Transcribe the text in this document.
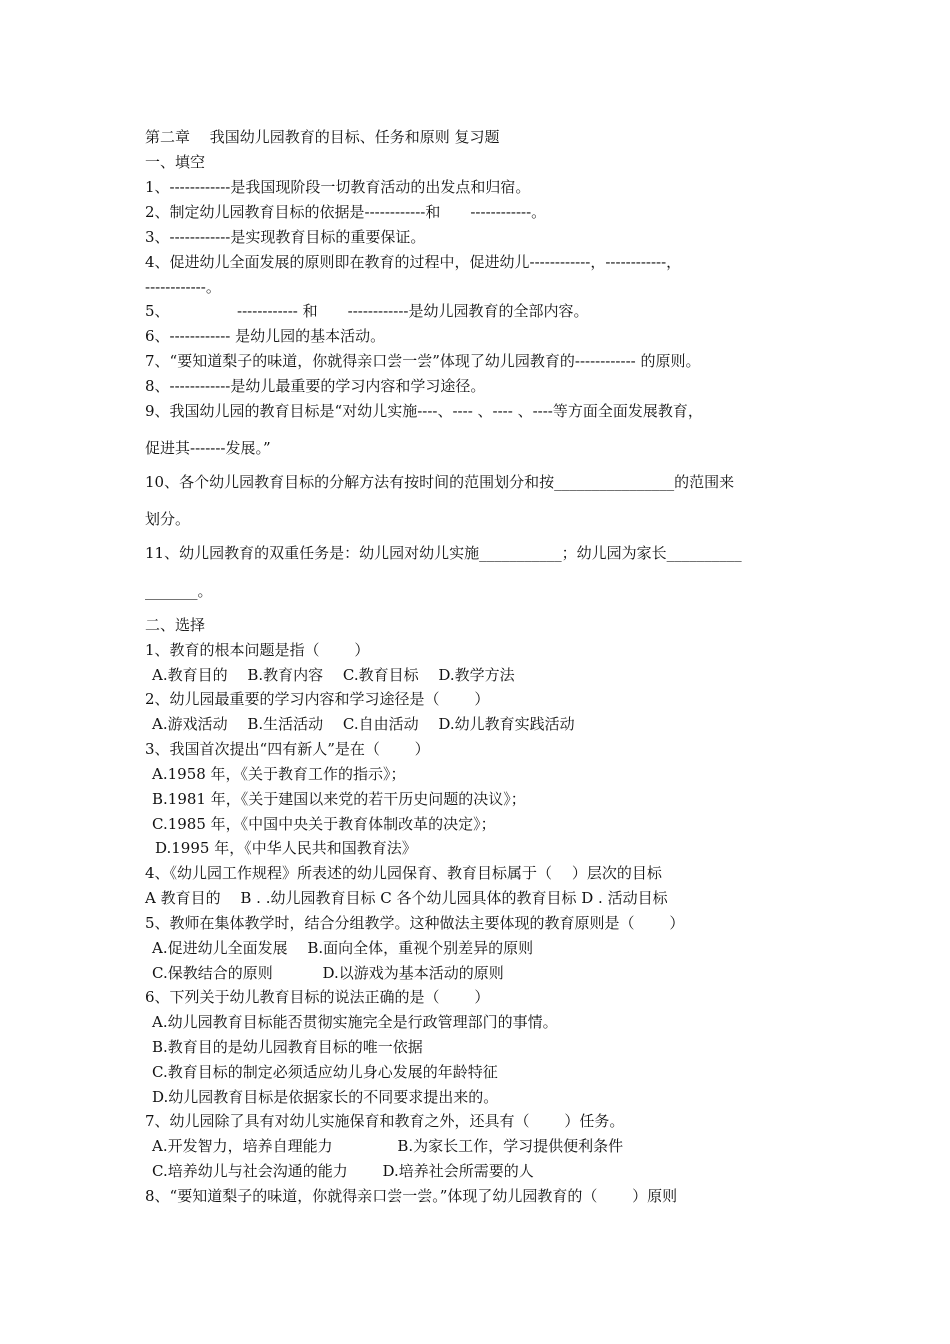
第二章　 我国幼儿园教育的目标、任务和原则 复习题
一、填空
1、------------是我国现阶段一切教育活动的出发点和归宿。
2、制定幼儿园教育目标的依据是------------和　　------------。
3、------------是实现教育目标的重要保证。
4、促进幼儿全面发展的原则即在教育的过程中，促进幼儿------------，------------，
------------。
5、　　　　　------------ 和　　------------是幼儿园教育的全部内容。
6、------------ 是幼儿园的基本活动。
7、“要知道梨子的味道，你就得亲口尝一尝”体现了幼儿园教育的------------ 的原则。
8、------------是幼儿最重要的学习内容和学习途径。
9、我国幼儿园的教育目标是“对幼儿实施----、---- 、---- 、----等方面全面发展教育，
促进其-------发展。”
10、各个幼儿园教育目标的分解方法有按时间的范围划分和按________________的范围来
划分。
11、幼儿园教育的双重任务是：幼儿园对幼儿实施___________；幼儿园为家长__________
_______。
二、选择
1、教育的根本问题是指（　　 ）
A.教育目的　 B.教育内容　 C.教育目标　 D.教学方法
2、幼儿园最重要的学习内容和学习途径是（　　 ）
A.游戏活动　 B.生活活动　 C.自由活动　 D.幼儿教育实践活动
3、我国首次提出“四有新人”是在（　　 ）
A.1958 年，《关于教育工作的指示》；
B.1981 年，《关于建国以来党的若干历史问题的决议》；
C.1985 年，《中国中央关于教育体制改革的决定》；
D.1995 年，《中华人民共和国教育法》
4、《幼儿园工作规程》所表述的幼儿园保育、教育目标属于（　 ）层次的目标
A 教育目的　 B . .幼儿园教育目标 C 各个幼儿园具体的教育目标 D . 活动目标
5、教师在集体教学时，结合分组教学。这种做法主要体现的教育原则是（　　 ）
A.促进幼儿全面发展　 B.面向全体，重视个别差异的原则
C.保教结合的原则　　　 D.以游戏为基本活动的原则
6、下列关于幼儿教育目标的说法正确的是（　　 ）
A.幼儿园教育目标能否贯彻实施完全是行政管理部门的事情。
B.教育目的是幼儿园教育目标的唯一依据
C.教育目标的制定必须适应幼儿身心发展的年龄特征
D.幼儿园教育目标是依据家长的不同要求提出来的。
7、幼儿园除了具有对幼儿实施保育和教育之外，还具有（　　 ）任务。
A.开发智力，培养自理能力　　　　 B.为家长工作，学习提供便利条件
C.培养幼儿与社会沟通的能力　　 D.培养社会所需要的人
8、“要知道梨子的味道，你就得亲口尝一尝。”体现了幼儿园教育的（　　 ）原则
